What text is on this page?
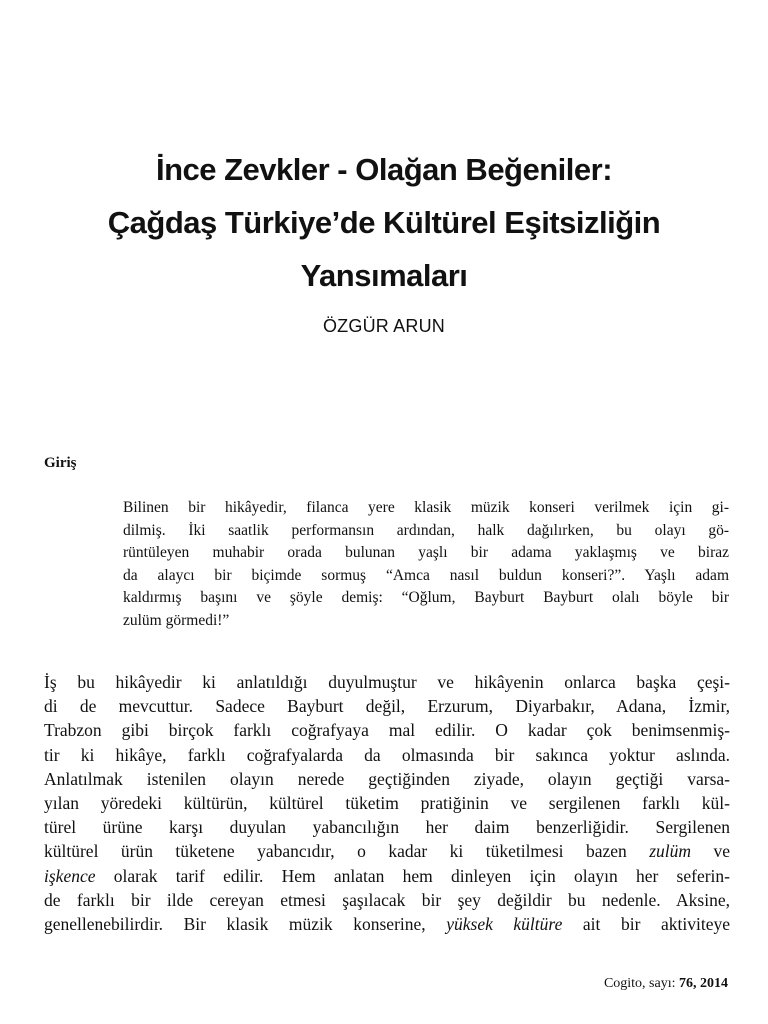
İnce Zevkler - Olağan Beğeniler:
Çağdaş Türkiye’de Kültürel Eşitsizliğin
Yansımaları
ÖZGÜR ARUN
Giriş
Bilinen bir hikâyedir, filanca yere klasik müzik konseri verilmek için gi-
dilmiş. İki saatlik performansın ardından, halk dağılırken, bu olayı gö-
rüntüleyen muhabir orada bulunan yaşlı bir adama yaklaşmış ve biraz
da alaycı bir biçimde sormuş “Amca nasıl buldun konseri?”. Yaşlı adam
kaldırmış başını ve şöyle demiş: “Oğlum, Bayburt Bayburt olalı böyle bir
zulüm görmedi!”
İş bu hikâyedir ki anlatıldığı duyulmuştur ve hikâyenin onlarca başka çeşi-
di de mevcuttur. Sadece Bayburt değil, Erzurum, Diyarbakır, Adana, İzmir,
Trabzon gibi birçok farklı coğrafyaya mal edilir. O kadar çok benimsenmiş-
tir ki hikâye, farklı coğrafyalarda da olmasında bir sakınca yoktur aslında.
Anlatılmak istenilen olayın nerede geçtiğinden ziyade, olayın geçtiği varsa-
yılan yöredeki kültürün, kültürel tüketim pratiğinin ve sergilenen farklı kül-
türel ürüne karşı duyulan yabancılığın her daim benzerliğidir. Sergilenen
kültürel ürün tüketene yabancıdır, o kadar ki tüketilmesi bazen zulüm ve
işkence olarak tarif edilir. Hem anlatan hem dinleyen için olayın her seferin-
de farklı bir ilde cereyan etmesi şaşılacak bir şey değildir bu nedenle. Aksine,
genellenebilirdir. Bir klasik müzik konserine, yüksek kültüre ait bir aktiviteye
Cogito, sayı: 76, 2014
